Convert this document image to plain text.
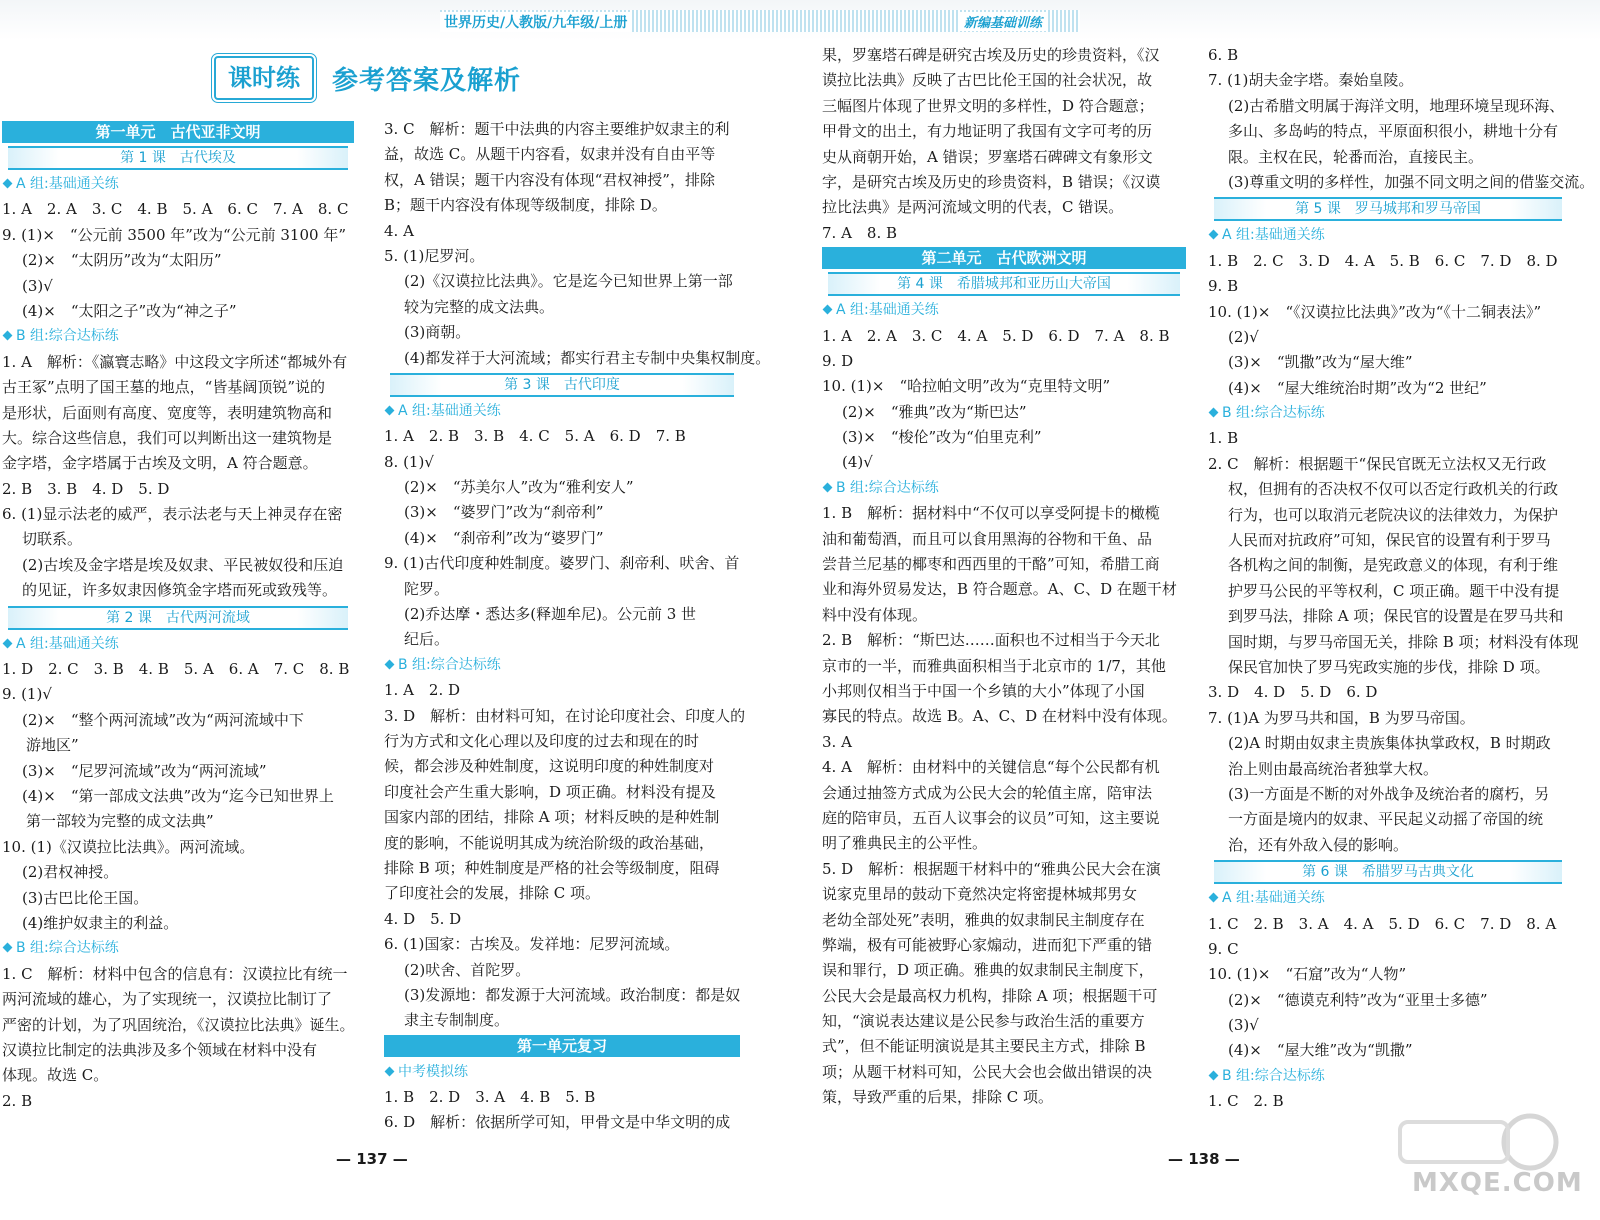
世界历史/人教版/九年级/上册	新编基础训练
课时练	参考答案及解析
第一单元　古代亚非文明
第 1 课　古代埃及
A 组:基础通关练
1. A　2. A　3. C　4. B　5. A　6. C　7. A　8. C
9. (1)×　“公元前 3500 年”改为“公元前 3100 年”
(2)×　“太阴历”改为“太阳历”
(3)√
(4)×　“太阳之子”改为“神之子”
B 组:综合达标练
1. A　解析：《瀛寰志略》中这段文字所述“都城外有
古王冢”点明了国王墓的地点，“皆基阔顶锐”说的
是形状，后面则有高度、宽度等，表明建筑物高和
大。综合这些信息，我们可以判断出这一建筑物是
金字塔，金字塔属于古埃及文明，A 符合题意。
2. B　3. B　4. D　5. D
6. (1)显示法老的威严，表示法老与天上神灵存在密
切联系。
(2)古埃及金字塔是埃及奴隶、平民被奴役和压迫
的见证，许多奴隶因修筑金字塔而死或致残等。
第 2 课　古代两河流域
A 组:基础通关练
1. D　2. C　3. B　4. B　5. A　6. A　7. C　8. B
9. (1)√
(2)×　“整个两河流域”改为“两河流域中下
游地区”
(3)×　“尼罗河流域”改为“两河流域”
(4)×　“第一部成文法典”改为“迄今已知世界上
第一部较为完整的成文法典”
10. (1)《汉谟拉比法典》。两河流域。
(2)君权神授。
(3)古巴比伦王国。
(4)维护奴隶主的利益。
B 组:综合达标练
1. C　解析：材料中包含的信息有：汉谟拉比有统一
两河流域的雄心，为了实现统一，汉谟拉比制订了
严密的计划，为了巩固统治，《汉谟拉比法典》诞生。
汉谟拉比制定的法典涉及多个领域在材料中没有
体现。故选 C。
2. B
3. C　解析：题干中法典的内容主要维护奴隶主的利
益，故选 C。从题干内容看，奴隶并没有自由平等
权，A 错误；题干内容没有体现“君权神授”，排除
B；题干内容没有体现等级制度，排除 D。
4. A
5. (1)尼罗河。
(2)《汉谟拉比法典》。它是迄今已知世界上第一部
较为完整的成文法典。
(3)商朝。
(4)都发祥于大河流域；都实行君主专制中央集权制度。
第 3 课　古代印度
A 组:基础通关练
1. A　2. B　3. B　4. C　5. A　6. D　7. B
8. (1)√
(2)×　“苏美尔人”改为“雅利安人”
(3)×　“婆罗门”改为“刹帝利”
(4)×　“刹帝利”改为“婆罗门”
9. (1)古代印度种姓制度。婆罗门、刹帝利、吠舍、首
陀罗。
(2)乔达摩・悉达多(释迦牟尼)。公元前 3 世
纪后。
B 组:综合达标练
1. A　2. D
3. D　解析：由材料可知，在讨论印度社会、印度人的
行为方式和文化心理以及印度的过去和现在的时
候，都会涉及种姓制度，这说明印度的种姓制度对
印度社会产生重大影响，D 项正确。材料没有提及
国家内部的团结，排除 A 项；材料反映的是种姓制
度的影响，不能说明其成为统治阶级的政治基础，
排除 B 项；种姓制度是严格的社会等级制度，阻碍
了印度社会的发展，排除 C 项。
4. D　5. D
6. (1)国家：古埃及。发祥地：尼罗河流域。
(2)吠舍、首陀罗。
(3)发源地：都发源于大河流域。政治制度：都是奴
隶主专制制度。
第一单元复习
中考模拟练
1. B　2. D　3. A　4. B　5. B
6. D　解析：依据所学可知，甲骨文是中华文明的成
果，罗塞塔石碑是研究古埃及历史的珍贵资料，《汉
谟拉比法典》反映了古巴比伦王国的社会状况，故
三幅图片体现了世界文明的多样性，D 符合题意；
甲骨文的出土，有力地证明了我国有文字可考的历
史从商朝开始，A 错误；罗塞塔石碑碑文有象形文
字，是研究古埃及历史的珍贵资料，B 错误；《汉谟
拉比法典》是两河流域文明的代表，C 错误。
7. A　8. B
第二单元　古代欧洲文明
第 4 课　希腊城邦和亚历山大帝国
A 组:基础通关练
1. A　2. A　3. C　4. A　5. D　6. D　7. A　8. B
9. D
10. (1)×　“哈拉帕文明”改为“克里特文明”
(2)×　“雅典”改为“斯巴达”
(3)×　“梭伦”改为“伯里克利”
(4)√
B 组:综合达标练
1. B　解析：据材料中“不仅可以享受阿提卡的橄榄
油和葡萄酒，而且可以食用黑海的谷物和干鱼、品
尝昔兰尼基的椰枣和西西里的干酪”可知，希腊工商
业和海外贸易发达，B 符合题意。A、C、D 在题干材
料中没有体现。
2. B　解析：“斯巴达……面积也不过相当于今天北
京市的一半，而雅典面积相当于北京市的 1/7，其他
小邦则仅相当于中国一个乡镇的大小”体现了小国
寡民的特点。故选 B。A、C、D 在材料中没有体现。
3. A
4. A　解析：由材料中的关键信息“每个公民都有机
会通过抽签方式成为公民大会的轮值主席，陪审法
庭的陪审员，五百人议事会的议员”可知，这主要说
明了雅典民主的公平性。
5. D　解析：根据题干材料中的“雅典公民大会在演
说家克里昂的鼓动下竟然决定将密提林城邦男女
老幼全部处死”表明，雅典的奴隶制民主制度存在
弊端，极有可能被野心家煽动，进而犯下严重的错
误和罪行，D 项正确。雅典的奴隶制民主制度下，
公民大会是最高权力机构，排除 A 项；根据题干可
知，“演说表达建议是公民参与政治生活的重要方
式”，但不能证明演说是其主要民主方式，排除 B
项；从题干材料可知，公民大会也会做出错误的决
策，导致严重的后果，排除 C 项。
6. B
7. (1)胡夫金字塔。秦始皇陵。
(2)古希腊文明属于海洋文明，地理环境呈现环海、
多山、多岛屿的特点，平原面积很小，耕地十分有
限。主权在民，轮番而治，直接民主。
(3)尊重文明的多样性，加强不同文明之间的借鉴交流。
第 5 课　罗马城邦和罗马帝国
A 组:基础通关练
1. B　2. C　3. D　4. A　5. B　6. C　7. D　8. D
9. B
10. (1)×　“《汉谟拉比法典》”改为“《十二铜表法》”
(2)√
(3)×　“凯撒”改为“屋大维”
(4)×　“屋大维统治时期”改为“2 世纪”
B 组:综合达标练
1. B
2. C　解析：根据题干“保民官既无立法权又无行政
权，但拥有的否决权不仅可以否定行政机关的行政
行为，也可以取消元老院决议的法律效力，为保护
人民而对抗政府”可知，保民官的设置有利于罗马
各机构之间的制衡，是宪政意义的体现，有利于维
护罗马公民的平等权利，C 项正确。题干中没有提
到罗马法，排除 A 项；保民官的设置是在罗马共和
国时期，与罗马帝国无关，排除 B 项；材料没有体现
保民官加快了罗马宪政实施的步伐，排除 D 项。
3. D　4. D　5. D　6. D
7. (1)A 为罗马共和国，B 为罗马帝国。
(2)A 时期由奴隶主贵族集体执掌政权，B 时期政
治上则由最高统治者独掌大权。
(3)一方面是不断的对外战争及统治者的腐朽，另
一方面是境内的奴隶、平民起义动摇了帝国的统
治，还有外敌入侵的影响。
第 6 课　希腊罗马古典文化
A 组:基础通关练
1. C　2. B　3. A　4. A　5. D　6. C　7. D　8. A
9. C
10. (1)×　“石窟”改为“人物”
(2)×　“德谟克利特”改为“亚里士多德”
(3)√
(4)×　“屋大维”改为“凯撒”
B 组:综合达标练
1. C　2. B
— 137 —	— 138 —
MXQE.COM
